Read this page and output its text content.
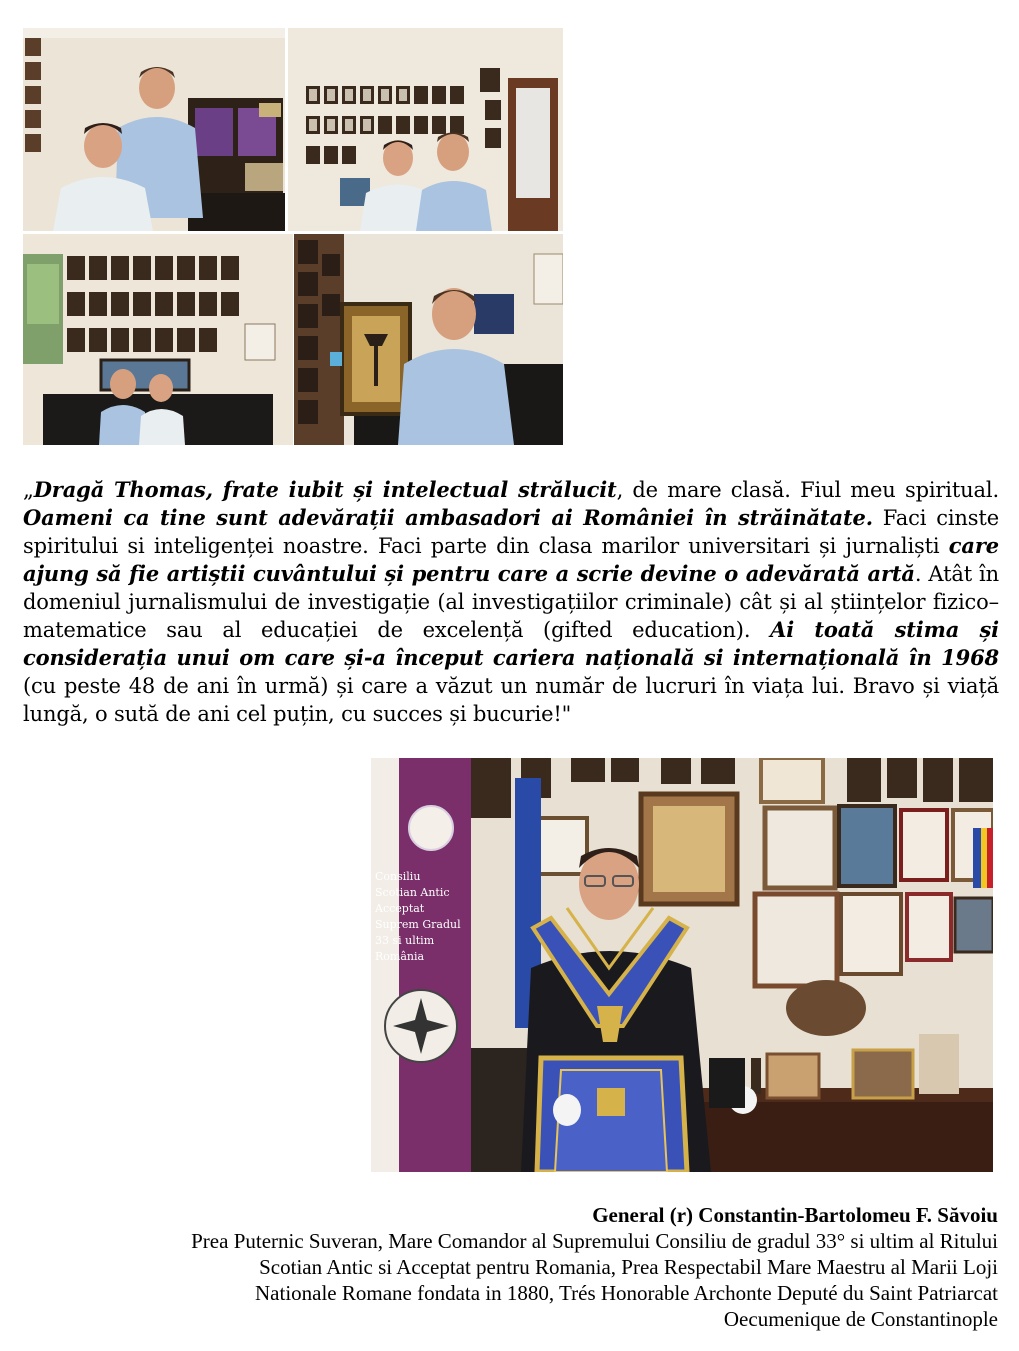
„Dragă Thomas, frate iubit și intelectual strălucit, de mare clasă. Fiul meu spiritual. Oameni ca tine sunt adevărații ambasadori ai României în străinătate. Faci cinste spiritului si inteligenței noastre. Faci parte din clasa marilor universitari și jurnaliști care ajung să fie artiștii cuvântului și pentru care a scrie devine o adevărată artă. Atât în domeniul jurnalismului de investigație (al investigațiilor criminale) cât și al științelor fizico–matematice sau al educației de excelență (gifted education). Ai toată stima și considerația unui om care și-a început cariera națională si internațională în 1968 (cu peste 48 de ani în urmă) și care a văzut un număr de lucruri în viața lui. Bravo și viață lungă, o sută de ani cel puțin, cu succes și bucurie!"
Consiliu
Scotian Antic
Acceptat
Suprem Gradul
33 si ultim
România
General (r) Constantin-Bartolomeu F. Săvoiu
Prea Puternic Suveran, Mare Comandor al Supremului Consiliu de gradul 33° si ultim al Ritului
Scotian Antic si Acceptat pentru Romania, Prea Respectabil Mare Maestru al Marii Loji
Nationale Romane fondata in 1880, Trés Honorable Archonte Deputé du Saint Patriarcat
Oecumenique de Constantinople
